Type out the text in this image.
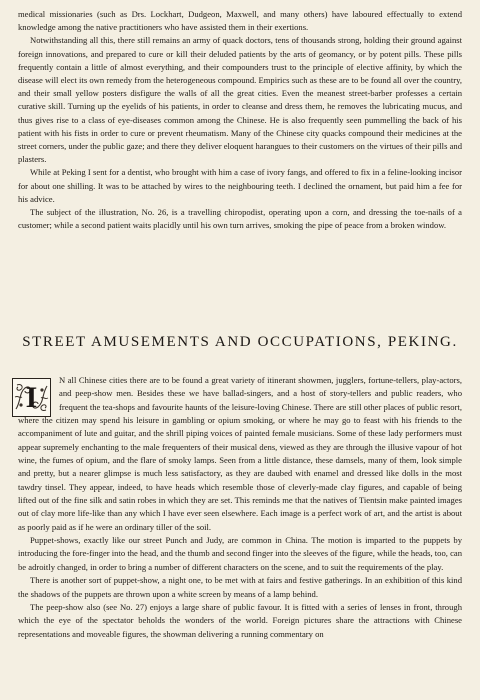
medical missionaries (such as Drs. Lockhart, Dudgeon, Maxwell, and many others) have laboured effectually to extend knowledge among the native practitioners who have assisted them in their exertions.

Notwithstanding all this, there still remains an army of quack doctors, tens of thousands strong, holding their ground against foreign innovations, and prepared to cure or kill their deluded patients by the arts of geomancy, or by potent pills. These pills frequently contain a little of almost everything, and their compounders trust to the principle of elective affinity, by which the disease will elect its own remedy from the heterogeneous compound. Empirics such as these are to be found all over the country, and their small yellow posters disfigure the walls of all the great cities. Even the meanest street-barber professes a certain curative skill. Turning up the eyelids of his patients, in order to cleanse and dress them, he removes the lubricating mucus, and thus gives rise to a class of eye-diseases common among the Chinese. He is also frequently seen pummelling the back of his patient with his fists in order to cure or prevent rheumatism. Many of the Chinese city quacks compound their medicines at the street corners, under the public gaze; and there they deliver eloquent harangues to their customers on the virtues of their pills and plasters.

While at Peking I sent for a dentist, who brought with him a case of ivory fangs, and offered to fix in a feline-looking incisor for about one shilling. It was to be attached by wires to the neighbouring teeth. I declined the ornament, but paid him a fee for his advice.

The subject of the illustration, No. 26, is a travelling chiropodist, operating upon a corn, and dressing the toe-nails of a customer; while a second patient waits placidly until his own turn arrives, smoking the pipe of peace from a broken window.

STREET AMUSEMENTS AND OCCUPATIONS, PEKING.
I

N all Chinese cities there are to be found a great variety of itinerant showmen, jugglers, fortune-tellers, play-actors, and peep-show men. Besides these we have ballad-singers, and a host of story-tellers and public readers, who frequent the tea-shops and favourite haunts of the leisure-loving Chinese. There are still other places of public resort, where the citizen may spend his leisure in gambling or opium smoking, or where he may go to feast with his friends to the accompaniment of lute and guitar, and the shrill piping voices of painted female musicians. Some of these lady performers must appear supremely enchanting to the male frequenters of their musical dens, viewed as they are through the illusive vapour of hot wine, the fumes of opium, and the flare of smoky lamps. Seen from a little distance, these damsels, many of them, look simple and pretty, but a nearer glimpse is much less satisfactory, as they are daubed with enamel and dressed like dolls in the most tawdry tinsel. They appear, indeed, to have heads which resemble those of cleverly-made clay figures, and capable of being lifted out of the fine silk and satin robes in which they are set. This reminds me that the natives of Tientsin make painted images out of clay more life-like than any which I have ever seen elsewhere. Each image is a perfect work of art, and the artist is about as poorly paid as if he were an ordinary tiller of the soil.

Puppet-shows, exactly like our street Punch and Judy, are common in China. The motion is imparted to the puppets by introducing the fore-finger into the head, and the thumb and second finger into the sleeves of the figure, while the heads, too, can be adroitly changed, in order to bring a number of different characters on the scene, and to suit the requirements of the play.

There is another sort of puppet-show, a night one, to be met with at fairs and festive gatherings. In an exhibition of this kind the shadows of the puppets are thrown upon a white screen by means of a lamp behind.

The peep-show also (see No. 27) enjoys a large share of public favour. It is fitted with a series of lenses in front, through which the eye of the spectator beholds the wonders of the world. Foreign pictures share the attractions with Chinese representations and moveable figures, the showman delivering a running commentary on
